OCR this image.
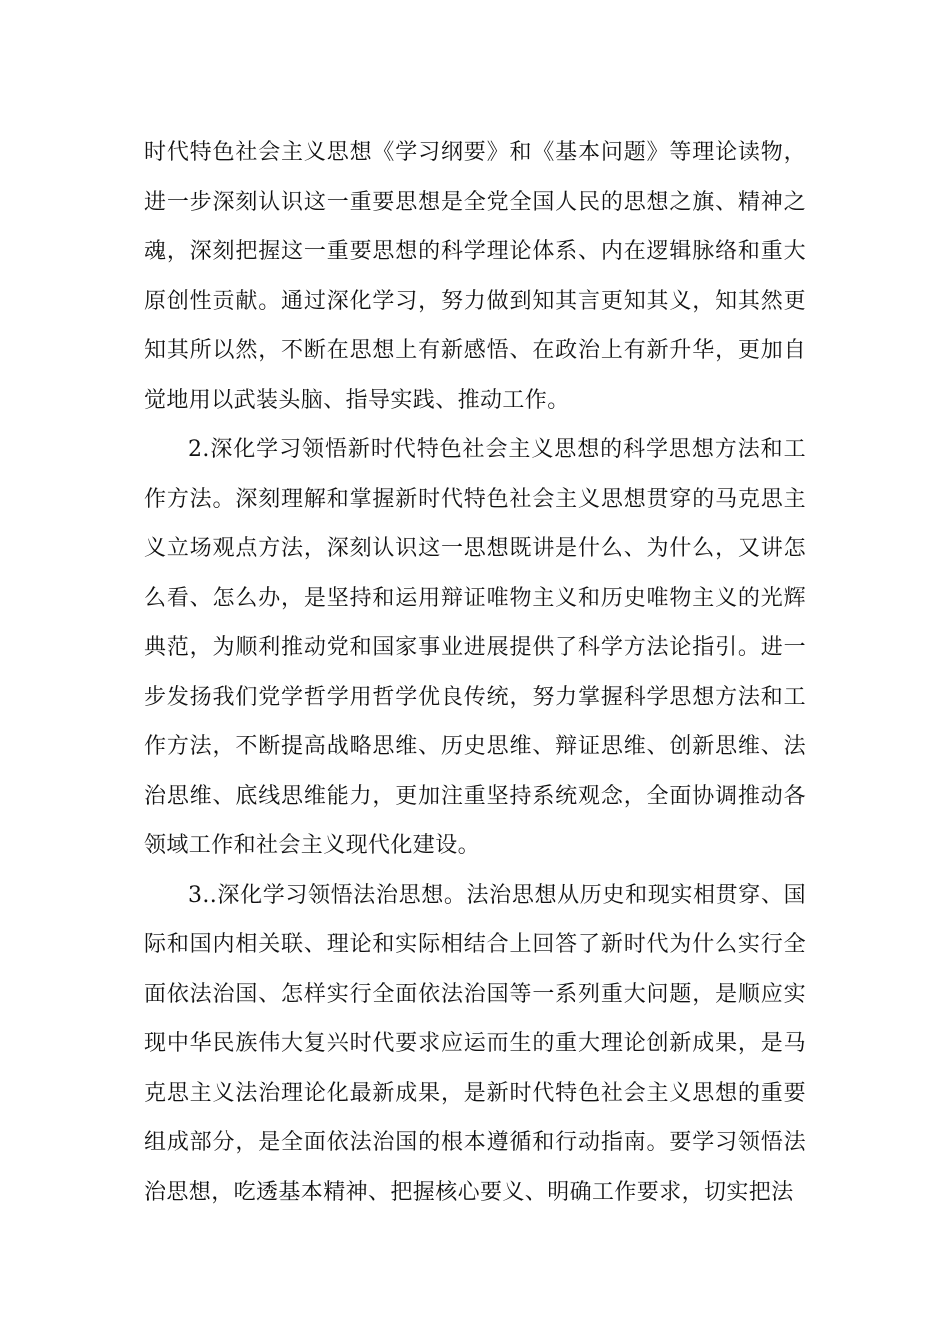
时代特色社会主义思想《学习纲要》和《基本问题》等理论读物，进一步深刻认识这一重要思想是全党全国人民的思想之旗、精神之魂，深刻把握这一重要思想的科学理论体系、内在逻辑脉络和重大原创性贡献。通过深化学习，努力做到知其言更知其义，知其然更知其所以然，不断在思想上有新感悟、在政治上有新升华，更加自觉地用以武装头脑、指导实践、推动工作。

2.深化学习领悟新时代特色社会主义思想的科学思想方法和工作方法。深刻理解和掌握新时代特色社会主义思想贯穿的马克思主义立场观点方法，深刻认识这一思想既讲是什么、为什么，又讲怎么看、怎么办，是坚持和运用辩证唯物主义和历史唯物主义的光辉典范，为顺利推动党和国家事业进展提供了科学方法论指引。进一步发扬我们党学哲学用哲学优良传统，努力掌握科学思想方法和工作方法，不断提高战略思维、历史思维、辩证思维、创新思维、法治思维、底线思维能力，更加注重坚持系统观念，全面协调推动各领域工作和社会主义现代化建设。

3..深化学习领悟法治思想。法治思想从历史和现实相贯穿、国际和国内相关联、理论和实际相结合上回答了新时代为什么实行全面依法治国、怎样实行全面依法治国等一系列重大问题，是顺应实现中华民族伟大复兴时代要求应运而生的重大理论创新成果，是马克思主义法治理论化最新成果，是新时代特色社会主义思想的重要组成部分，是全面依法治国的根本遵循和行动指南。要学习领悟法治思想，吃透基本精神、把握核心要义、明确工作要求，切实把法
